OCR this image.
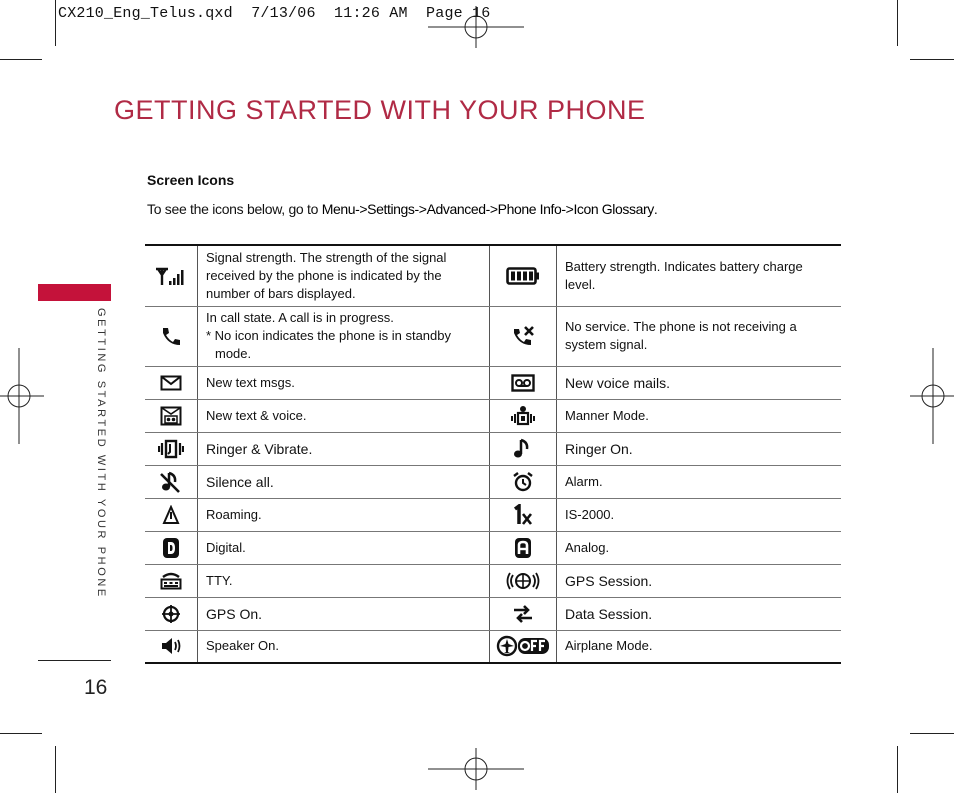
CX210_Eng_Telus.qxd  7/13/06  11:26 AM  Page 16
GETTING STARTED WITH YOUR PHONE
GETTING STARTED WITH YOUR PHONE
16
Screen Icons
To see the icons below, go to Menu->Settings->Advanced->Phone Info->Icon Glossary.
	Signal strength. The strength of the signal received by the phone is indicated by the number of bars displayed.		Battery strength. Indicates battery charge level.

In call state. A call is in progress.
* No icon indicates the phone is in standby mode.		No service. The phone is not receiving a system signal.
	New text msgs.		New voice mails.
	New text & voice.		Manner Mode.
	Ringer & Vibrate.		Ringer On.
	Silence all.		Alarm.
	Roaming.		IS-2000.
	Digital.		Analog.
	TTY.		GPS Session.
	GPS On.		Data Session.
	Speaker On.		Airplane Mode.
